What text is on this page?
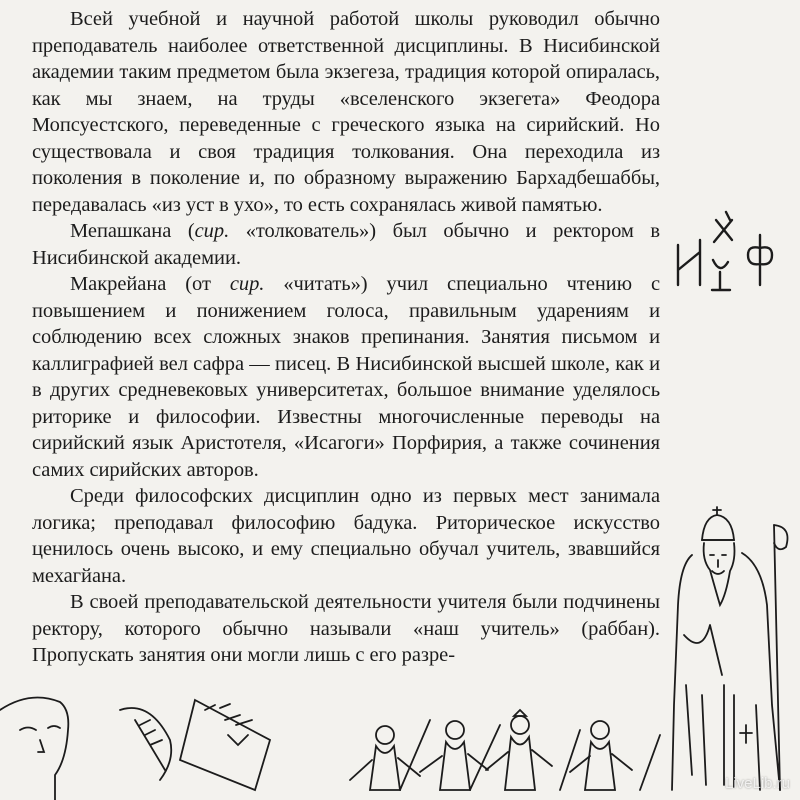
Всей учебной и научной работой школы руководил обычно преподаватель наиболее ответственной дисциплины. В Нисибинской академии таким предметом была экзегеза, традиция которой опиралась, как мы знаем, на труды «вселенского экзегета» Феодора Мопсуестского, переведенные с греческого языка на сирийский. Но существовала и своя традиция толкования. Она переходила из поколения в поколение и, по образному выражению Бархадбешаббы, передавалась «из уст в ухо», то есть сохранялась живой памятью.

Мепашкана (сир. «толкователь») был обычно и ректором в Нисибинской академии.

Макрейана (от сир. «читать») учил специально чтению с повышением и понижением голоса, правильным ударениям и соблюдению всех сложных знаков препинания. Занятия письмом и каллиграфией вел сафра — писец. В Нисибинской высшей школе, как и в других средневековых университетах, большое внимание уделялось риторике и философии. Известны многочисленные переводы на сирийский язык Аристотеля, «Исагоги» Порфирия, а также сочинения самих сирийских авторов.

Среди философских дисциплин одно из первых мест занимала логика; преподавал философию бадука. Риторическое искусство ценилось очень высоко, и ему специально обучал учитель, звавшийся мехагйана.

В своей преподавательской деятельности учителя были подчинены ректору, которого обычно называли «наш учитель» (раббан). Пропускать занятия они могли лишь с его разре-

LiveLib.ru
